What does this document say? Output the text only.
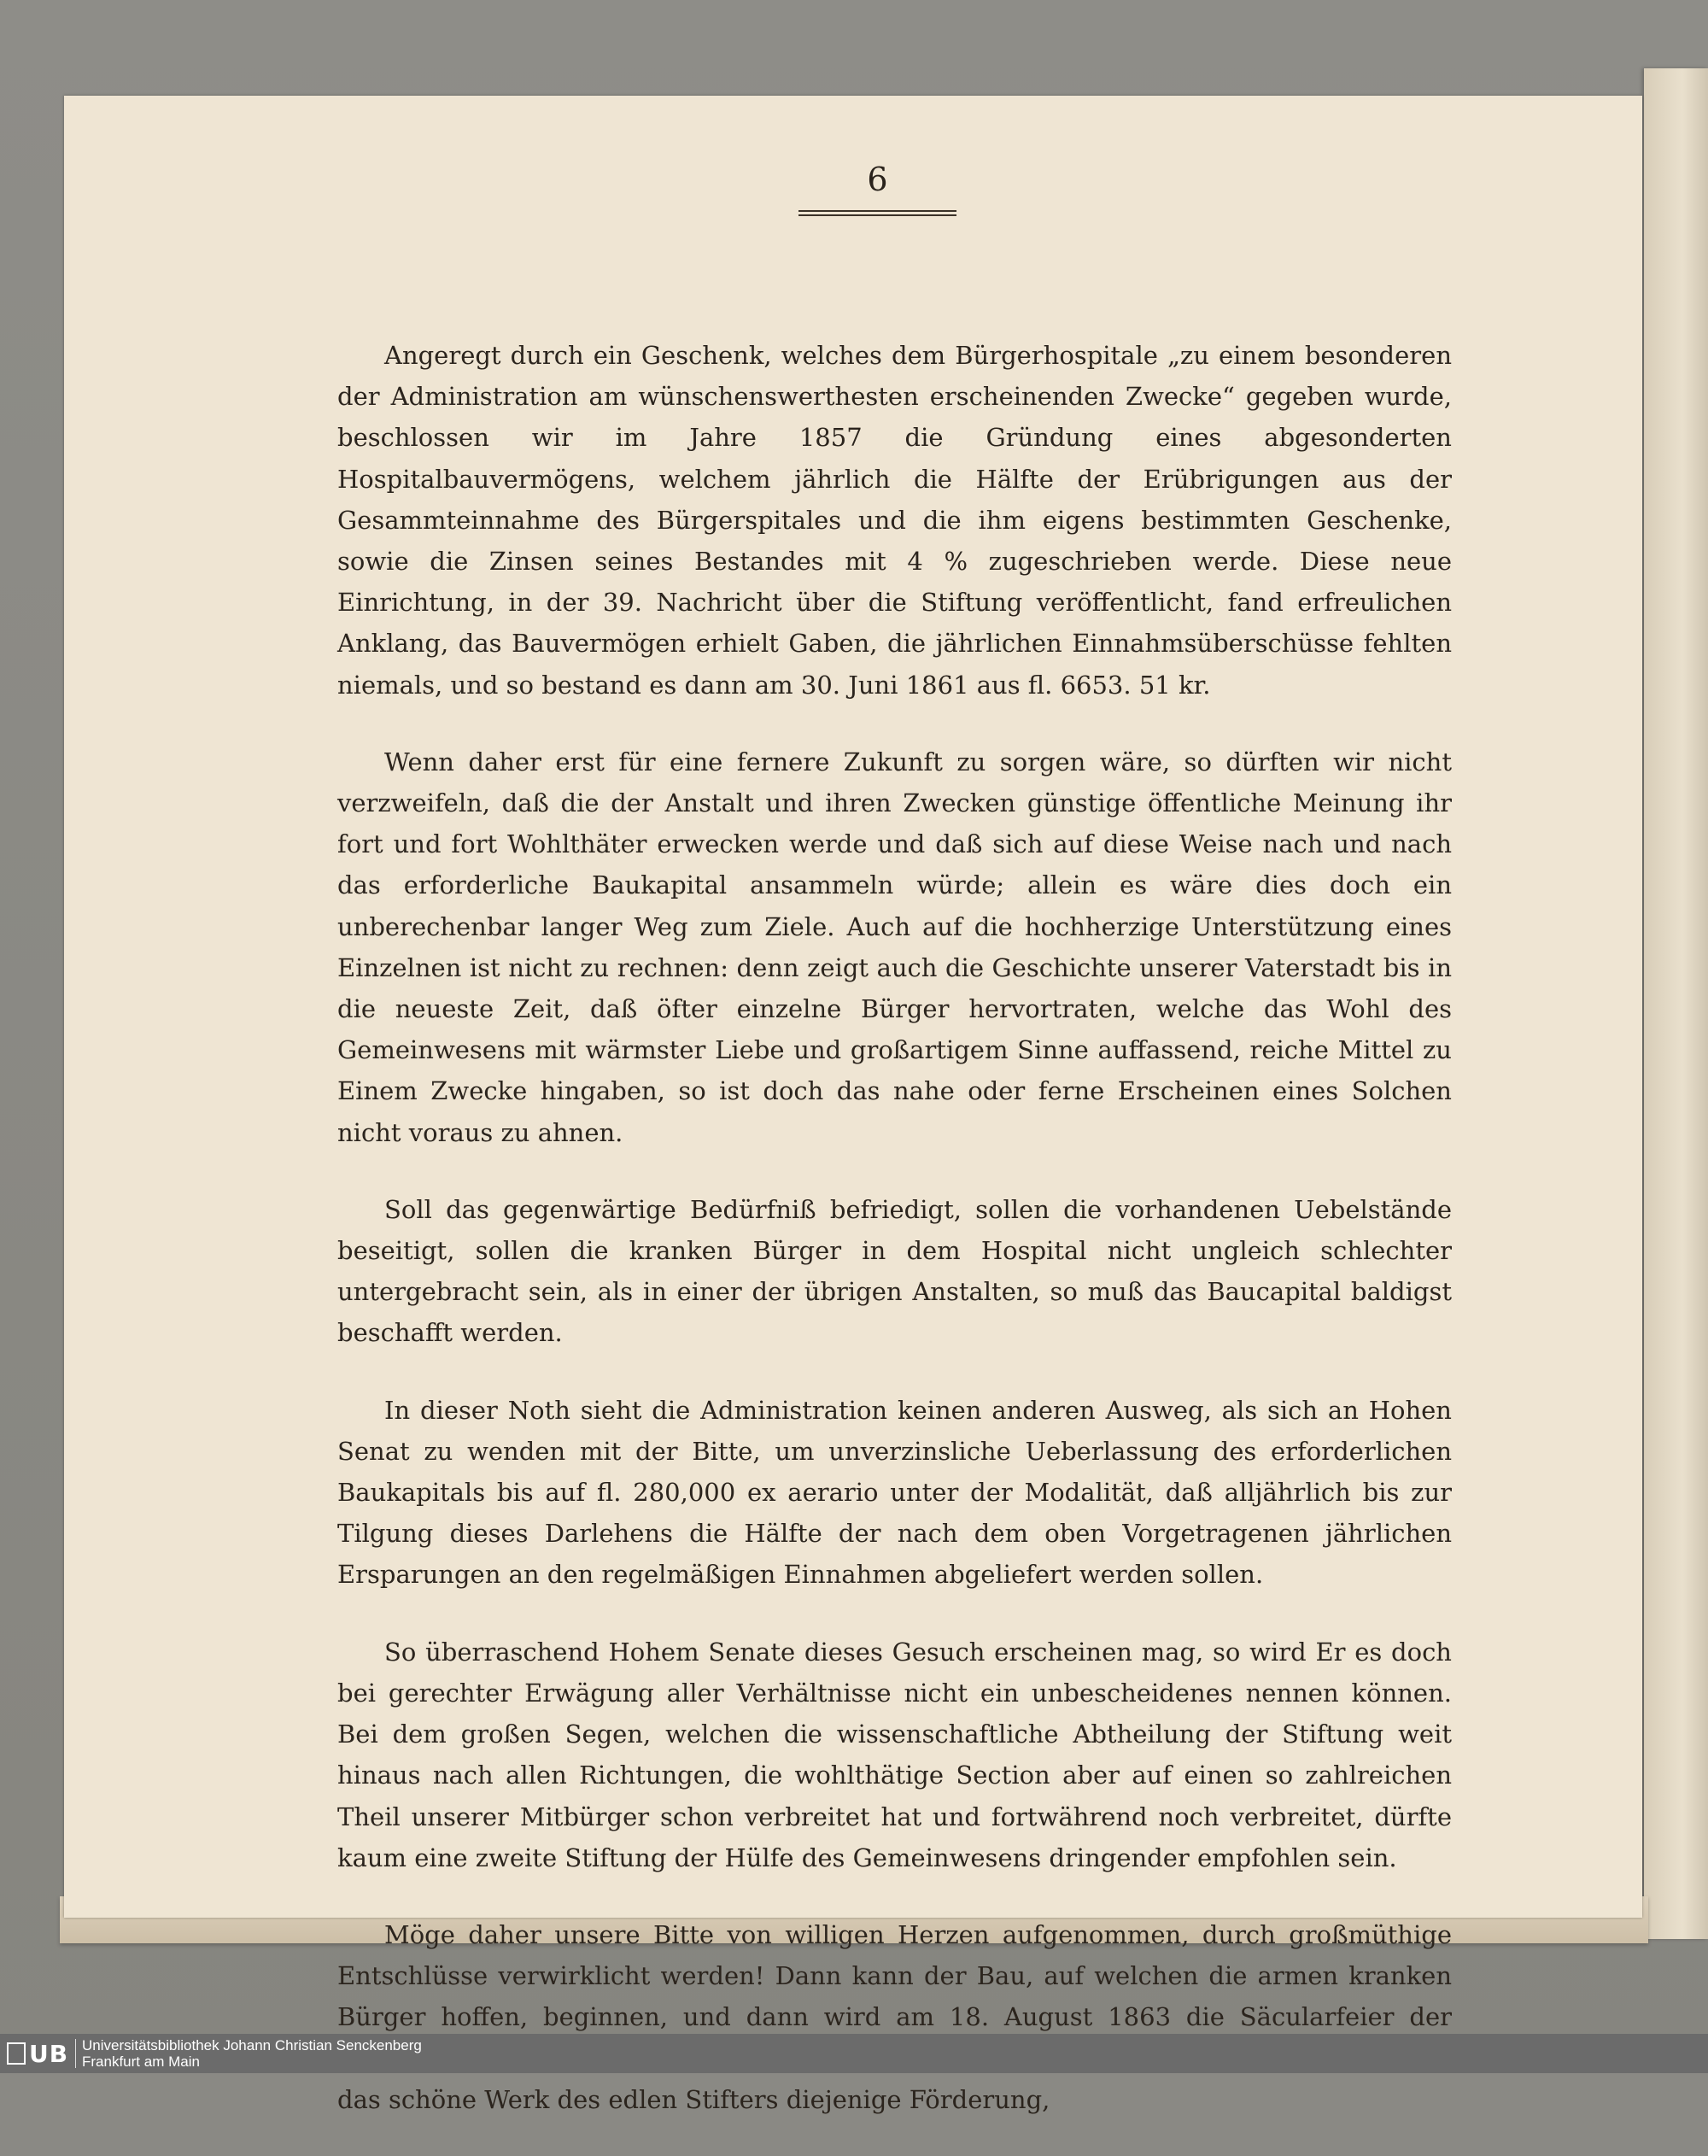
6

Angeregt durch ein Geschenk, welches dem Bürgerhospitale „zu einem besonderen der Administration am wünschenswerthesten erscheinenden Zwecke“ gegeben wurde, beschlossen wir im Jahre 1857 die Gründung eines abgesonderten Hospitalbauvermögens, welchem jährlich die Hälfte der Erübrigungen aus der Gesammteinnahme des Bürgerspitales und die ihm eigens bestimmten Geschenke, sowie die Zinsen seines Bestandes mit 4 % zugeschrieben werde. Diese neue Einrichtung, in der 39. Nachricht über die Stiftung veröffentlicht, fand erfreulichen Anklang, das Bauvermögen erhielt Gaben, die jährlichen Einnahmsüberschüsse fehlten niemals, und so bestand es dann am 30. Juni 1861 aus fl. 6653. 51 kr.

Wenn daher erst für eine fernere Zukunft zu sorgen wäre, so dürften wir nicht verzweifeln, daß die der Anstalt und ihren Zwecken günstige öffentliche Meinung ihr fort und fort Wohlthäter erwecken werde und daß sich auf diese Weise nach und nach das erforderliche Baukapital ansammeln würde; allein es wäre dies doch ein unberechenbar langer Weg zum Ziele. Auch auf die hochherzige Unterstützung eines Einzelnen ist nicht zu rechnen: denn zeigt auch die Geschichte unserer Vaterstadt bis in die neueste Zeit, daß öfter einzelne Bürger hervortraten, welche das Wohl des Gemeinwesens mit wärmster Liebe und großartigem Sinne auffassend, reiche Mittel zu Einem Zwecke hingaben, so ist doch das nahe oder ferne Erscheinen eines Solchen nicht voraus zu ahnen.

Soll das gegenwärtige Bedürfniß befriedigt, sollen die vorhandenen Uebelstände beseitigt, sollen die kranken Bürger in dem Hospital nicht ungleich schlechter untergebracht sein, als in einer der übrigen Anstalten, so muß das Baucapital baldigst beschafft werden.

In dieser Noth sieht die Administration keinen anderen Ausweg, als sich an Hohen Senat zu wenden mit der Bitte, um unverzinsliche Ueberlassung des erforderlichen Baukapitals bis auf fl. 280,000 ex aerario unter der Modalität, daß alljährlich bis zur Tilgung dieses Darlehens die Hälfte der nach dem oben Vorgetragenen jährlichen Ersparungen an den regelmäßigen Einnahmen abgeliefert werden sollen.

So überraschend Hohem Senate dieses Gesuch erscheinen mag, so wird Er es doch bei gerechter Erwägung aller Verhältnisse nicht ein unbescheidenes nennen können. Bei dem großen Segen, welchen die wissenschaftliche Abtheilung der Stiftung weit hinaus nach allen Richtungen, die wohlthätige Section aber auf einen so zahlreichen Theil unserer Mitbürger schon verbreitet hat und fortwährend noch verbreitet, dürfte kaum eine zweite Stiftung der Hülfe des Gemeinwesens dringender empfohlen sein.

Möge daher unsere Bitte von willigen Herzen aufgenommen, durch großmüthige Entschlüsse verwirklicht werden! Dann kann der Bau, auf welchen die armen kranken Bürger hoffen, beginnen, und dann wird am 18. August 1863 die Säcularfeier der das schöne Werk des edlen Stifters diejenige Förderung,

UB Universitätsbibliothek Johann Christian Senckenberg
Frankfurt am Main
